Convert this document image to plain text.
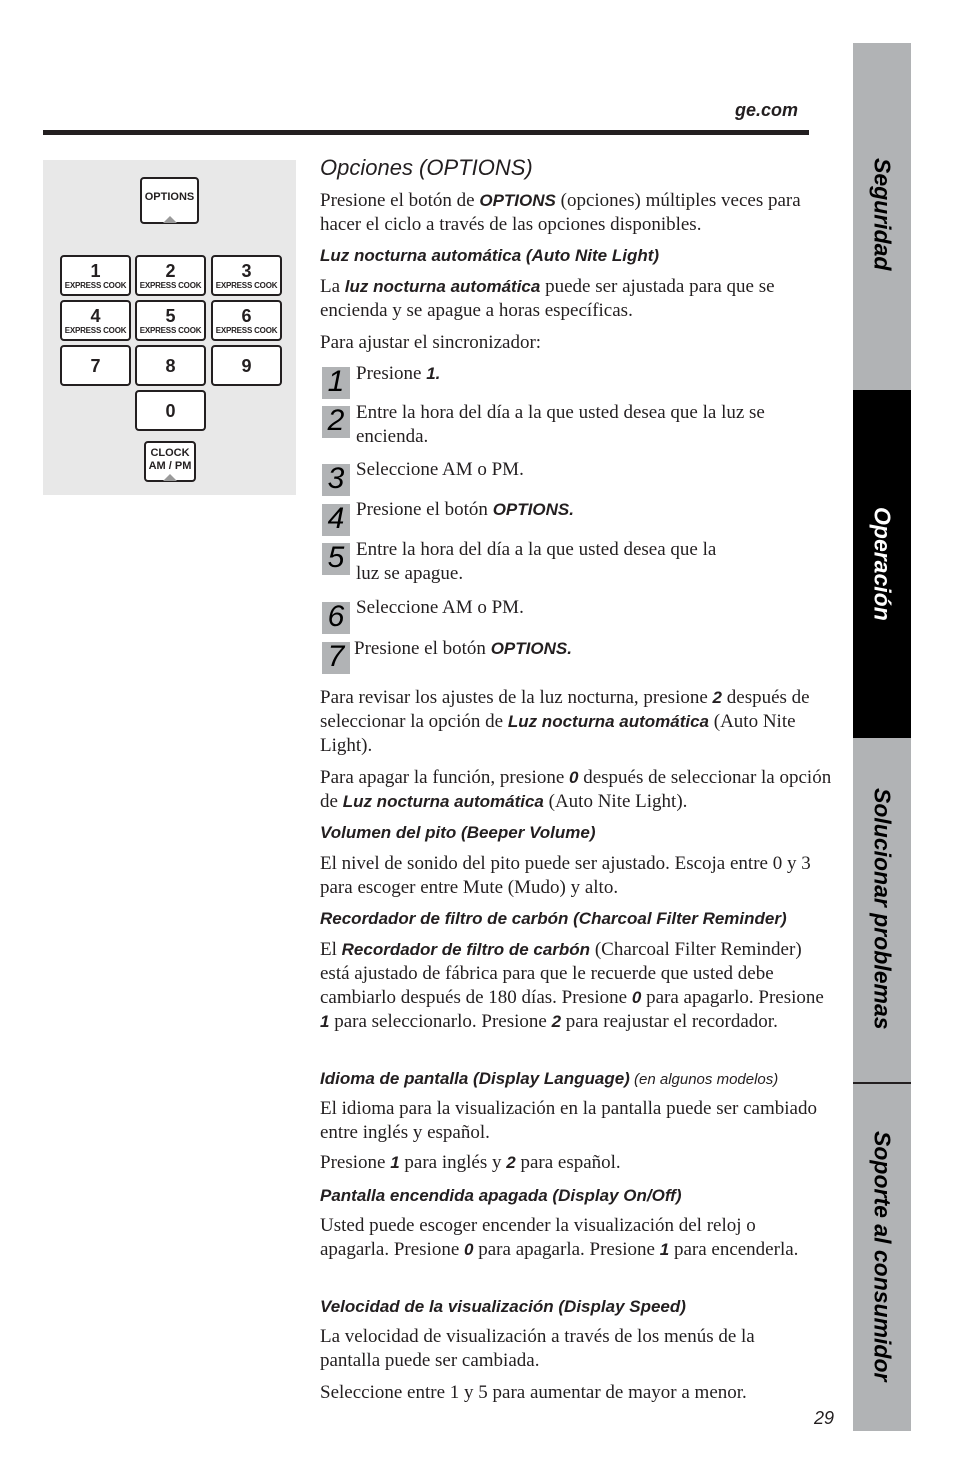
ge.com
Seguridad
Operación
Solucionar problemas
Soporte al consumidor
OPTIONS
1
EXPRESS COOK
2
EXPRESS COOK
3
EXPRESS COOK
4
EXPRESS COOK
5
EXPRESS COOK
6
EXPRESS COOK
7	8	9
0
CLOCK
AM / PM
Opciones (OPTIONS)
Presione el botón de OPTIONS (opciones) múltiples veces para hacer el ciclo a través de las opciones disponibles.
Luz nocturna automática (Auto Nite Light)
La luz nocturna automática puede ser ajustada para que se encienda y se apague a horas específicas.
Para ajustar el sincronizador:
1 Presione 1.
2 Entre la hora del día a la que usted desea que la luz se encienda.
3 Seleccione AM o PM.
4 Presione el botón OPTIONS.
5 Entre la hora del día a la que usted desea que la luz se apague.
6 Seleccione AM o PM.
7 Presione el botón OPTIONS.
Para revisar los ajustes de la luz nocturna, presione 2 después de seleccionar la opción de Luz nocturna automática (Auto Nite Light).
Para apagar la función, presione 0 después de seleccionar la opción de Luz nocturna automática (Auto Nite Light).
Volumen del pito (Beeper Volume)
El nivel de sonido del pito puede ser ajustado. Escoja entre 0 y 3 para escoger entre Mute (Mudo) y alto.
Recordador de filtro de carbón (Charcoal Filter Reminder)
El Recordador de filtro de carbón (Charcoal Filter Reminder) está ajustado de fábrica para que le recuerde que usted debe cambiarlo después de 180 días. Presione 0 para apagarlo. Presione 1 para seleccionarlo. Presione 2 para reajustar el recordador.
Idioma de pantalla (Display Language) (en algunos modelos)
El idioma para la visualización en la pantalla puede ser cambiado entre inglés y español.
Presione 1 para inglés y 2 para español.
Pantalla encendida apagada (Display On/Off)
Usted puede escoger encender la visualización del reloj o apagarla. Presione 0 para apagarla. Presione 1 para encenderla.
Velocidad de la visualización (Display Speed)
La velocidad de visualización a través de los menús de la pantalla puede ser cambiada.
Seleccione entre 1 y 5 para aumentar de mayor a menor.
29
